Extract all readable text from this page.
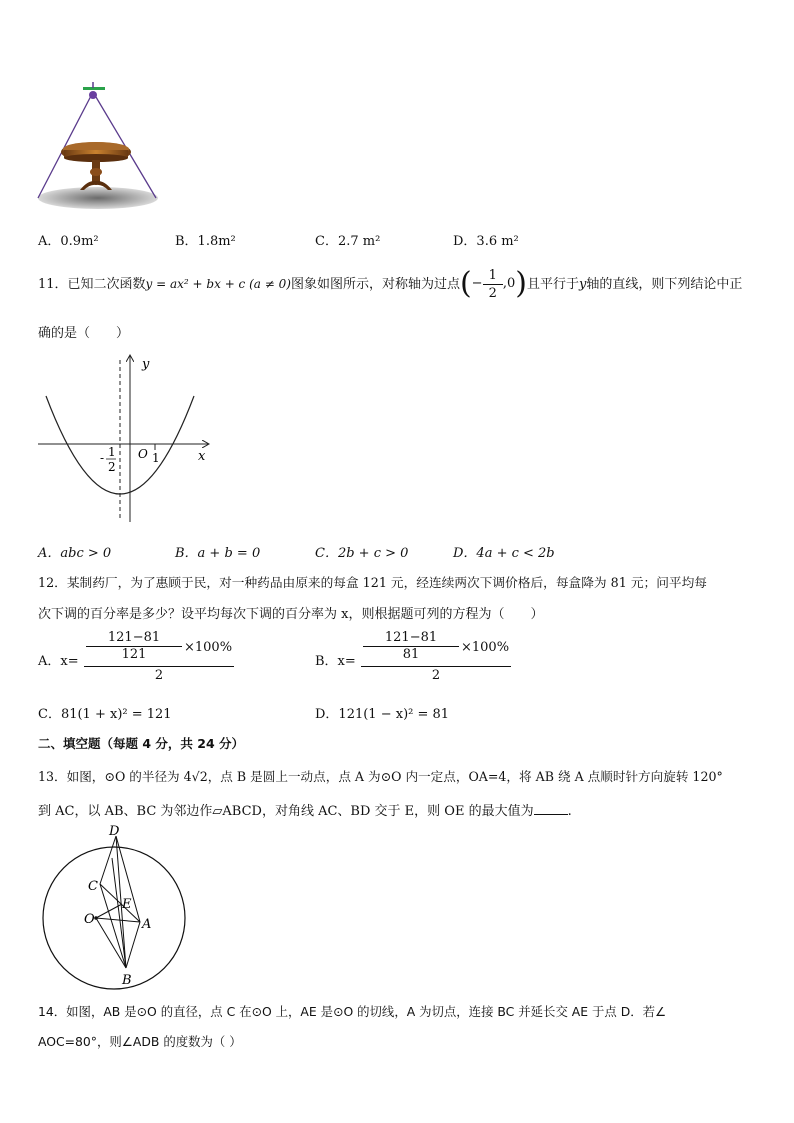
A．0.9m²	B．1.8m²	C．2.7 m²	D．3.6 m²
11．已知二次函数y = ax² + bx + c (a ≠ 0)图象如图所示，对称轴为过点(− $\frac{1}{2} ,0$)且平行于y轴的直线，则下列结论中正
确的是（　　）
y
x
O 1
- 1
2
A．abc > 0	B．a + b = 0	C．2b + c > 0	D．4a + c < 2b
12．某制药厂，为了惠顾于民，对一种药品由原来的每盒 121 元，经连续两次下调价格后，每盒降为 81 元；问平均每
次下调的百分率是多少？设平均每次下调的百分率为 x，则根据题可列的方程为（　　）
A．x=
121−81
×100%
121
2
B．x=
121−81
×100%
81
2
C．81(1 + x)² = 121	D．121(1 − x)² = 81
二、填空题（每题 4 分，共 24 分）
13．如图，⊙O 的半径为 4√2，点 B 是圆上一动点，点 A 为⊙O 内一定点，OA=4，将 AB 绕 A 点顺时针方向旋转 120°
到 AC，以 AB、BC 为邻边作▱ABCD，对角线 AC、BD 交于 E，则 OE 的最大值为	.
D
C
E
O	A
B
14．如图，AB 是⊙O 的直径，点 C 在⊙O 上，AE 是⊙O 的切线，A 为切点，连接 BC 并延长交 AE 于点 D．若∠
AOC=80°，则∠ADB 的度数为（ ）
